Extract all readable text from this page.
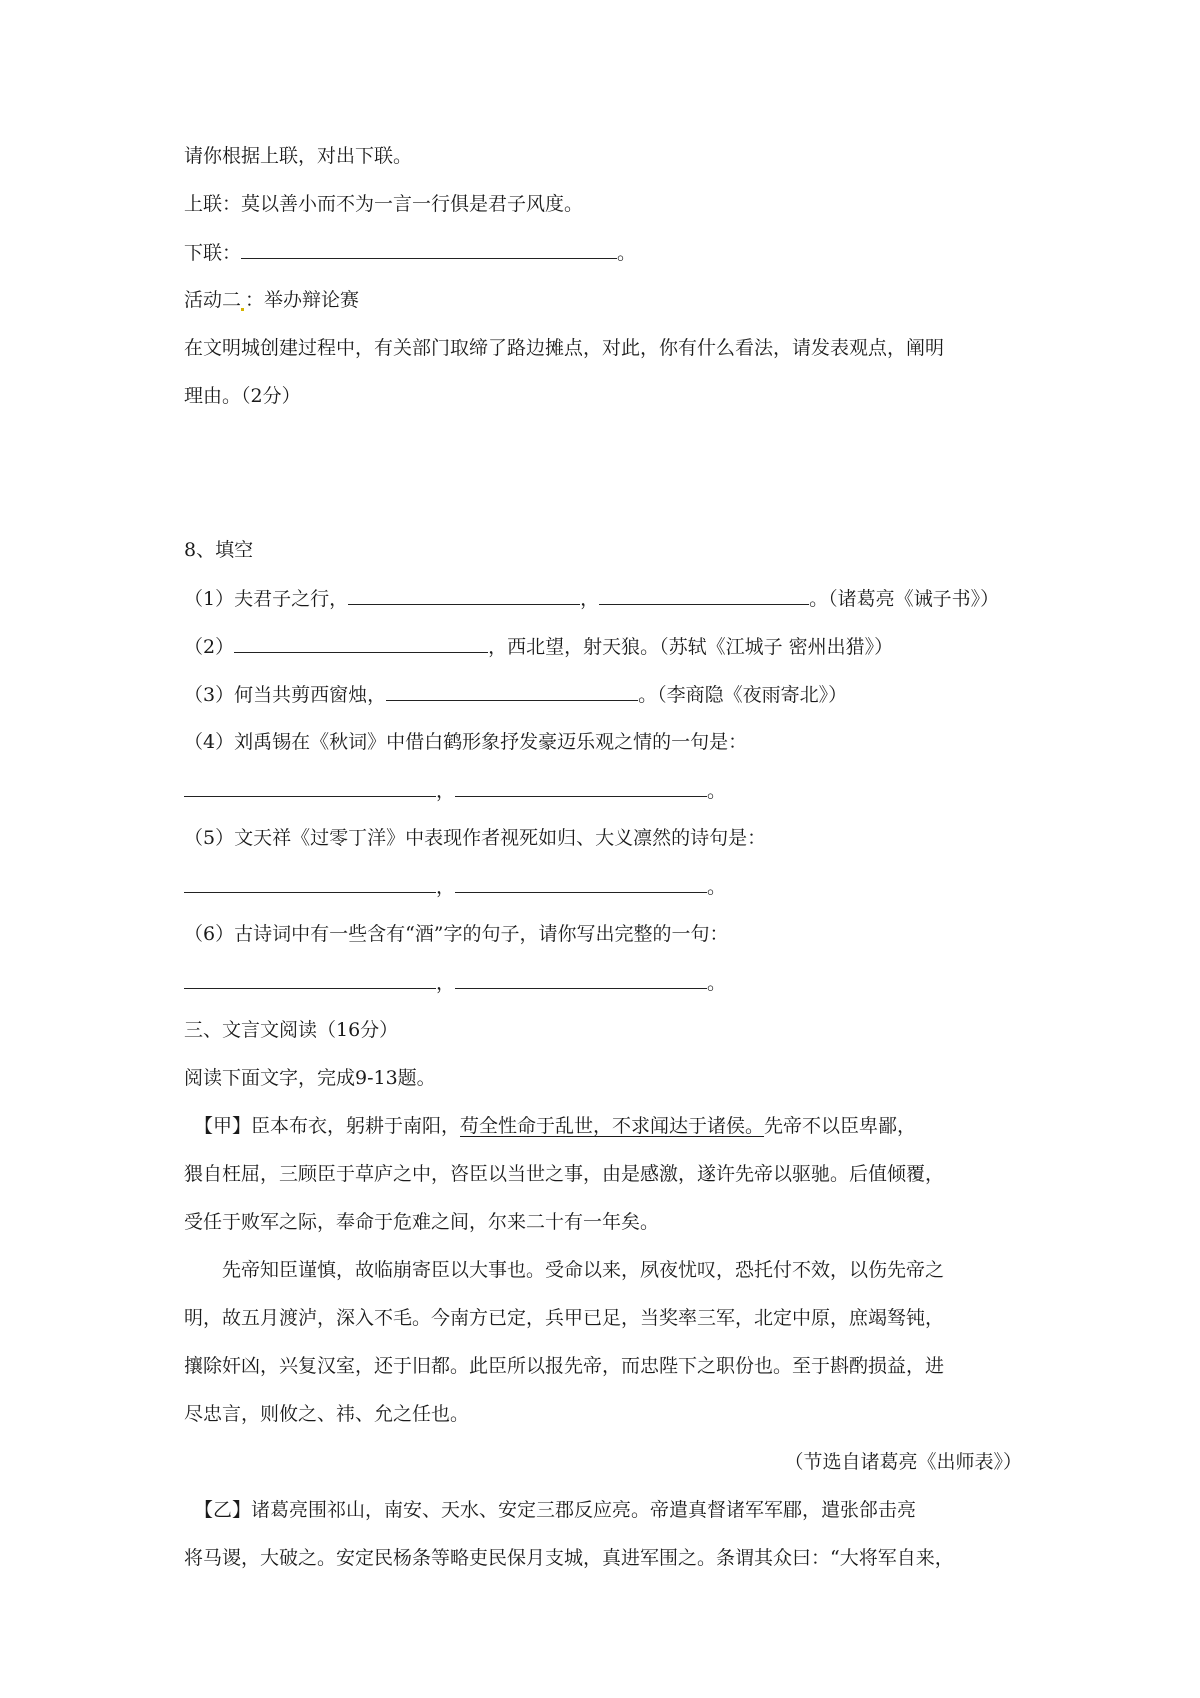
请你根据上联，对出下联。
上联：莫以善小而不为一言一行俱是君子风度。
下联：	。
活动二 ：举办辩论赛
在文明城创建过程中，有关部门取缔了路边摊点，对此，你有什么看法，请发表观点，阐明
理由。（2分）
8、填空
（1）夫君子之行，	，	。（诸葛亮《诫子书》）
（2）	，西北望，射天狼。（苏轼《江城子 密州出猎》）
（3）何当共剪西窗烛，	。（李商隐《夜雨寄北》）
（4）刘禹锡在《秋词》中借白鹤形象抒发豪迈乐观之情的一句是：
，	。
（5）文天祥《过零丁洋》中表现作者视死如归、大义凛然的诗句是：
，	。
（6）古诗词中有一些含有“酒”字的句子，请你写出完整的一句：
，	。
三、文言文阅读（16分）
阅读下面文字，完成9-13题。
【甲】臣本布衣，躬耕于南阳，苟全性命于乱世，不求闻达于诸侯。先帝不以臣卑鄙，
猥自枉屈，三顾臣于草庐之中，咨臣以当世之事，由是感激，遂许先帝以驱驰。后值倾覆，
受任于败军之际，奉命于危难之间，尔来二十有一年矣。
先帝知臣谨慎，故临崩寄臣以大事也。受命以来，夙夜忧叹，恐托付不效，以伤先帝之
明，故五月渡泸，深入不毛。今南方已定，兵甲已足，当奖率三军，北定中原，庶竭驽钝，
攘除奸凶，兴复汉室，还于旧都。此臣所以报先帝，而忠陛下之职份也。至于斟酌损益，进
尽忠言，则攸之、祎、允之任也。
（节选自诸葛亮《出师表》）
【乙】诸葛亮围祁山，南安、天水、安定三郡反应亮。帝遣真督诸军军郿，遣张郃击亮
将马谡，大破之。安定民杨条等略吏民保月支城，真进军围之。条谓其众曰：“大将军自来，
